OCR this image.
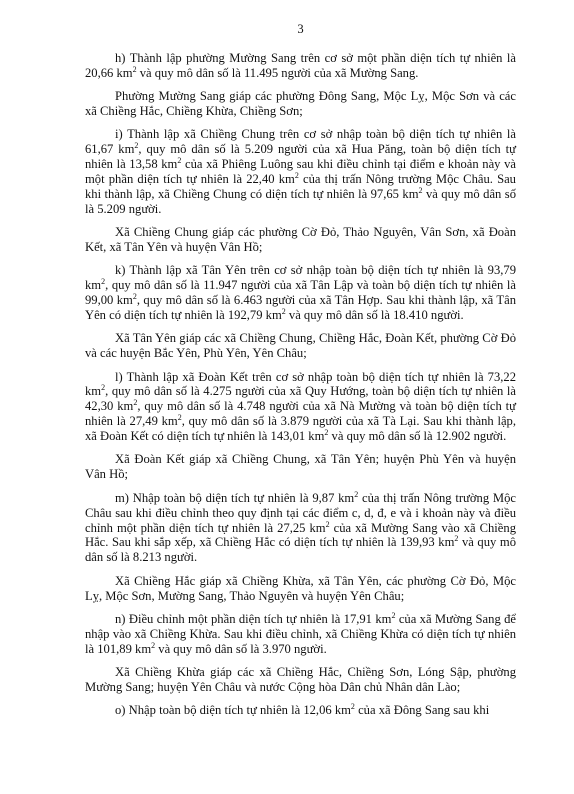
3

h) Thành lập phường Mường Sang trên cơ sở một phần diện tích tự nhiên là 20,66 $km^2$ và quy mô dân số là 11.495 người của xã Mường Sang.

Phường Mường Sang giáp các phường Đông Sang, Mộc Lỵ, Mộc Sơn và các xã Chiềng Hắc, Chiềng Khừa, Chiềng Sơn;

i) Thành lập xã Chiềng Chung trên cơ sở nhập toàn bộ diện tích tự nhiên là 61,67 $km^2$, quy mô dân số là 5.209 người của xã Hua Păng, toàn bộ diện tích tự nhiên là 13,58 $km^2$ của xã Phiêng Luông sau khi điều chỉnh tại điểm e khoản này và một phần diện tích tự nhiên là 22,40 $km^2$ của thị trấn Nông trường Mộc Châu. Sau khi thành lập, xã Chiềng Chung có diện tích tự nhiên là 97,65 $km^2$ và quy mô dân số là 5.209 người.

Xã Chiềng Chung giáp các phường Cờ Đỏ, Thảo Nguyên, Vân Sơn, xã Đoàn Kết, xã Tân Yên và huyện Vân Hồ;

k) Thành lập xã Tân Yên trên cơ sở nhập toàn bộ diện tích tự nhiên là 93,79 $km^2$, quy mô dân số là 11.947 người của xã Tân Lập và toàn bộ diện tích tự nhiên là 99,00 $km^2$, quy mô dân số là 6.463 người của xã Tân Hợp. Sau khi thành lập, xã Tân Yên có diện tích tự nhiên là 192,79 $km^2$ và quy mô dân số là 18.410 người.

Xã Tân Yên giáp các xã Chiềng Chung, Chiềng Hắc, Đoàn Kết, phường Cờ Đỏ và các huyện Bắc Yên, Phù Yên, Yên Châu;

l) Thành lập xã Đoàn Kết trên cơ sở nhập toàn bộ diện tích tự nhiên là 73,22 $km^2$, quy mô dân số là 4.275 người của xã Quy Hướng, toàn bộ diện tích tự nhiên là 42,30 $km^2$, quy mô dân số là 4.748 người của xã Nà Mường và toàn bộ diện tích tự nhiên là 27,49 $km^2$, quy mô dân số là 3.879 người của xã Tà Lại. Sau khi thành lập, xã Đoàn Kết có diện tích tự nhiên là 143,01 $km^2$ và quy mô dân số là 12.902 người.

Xã Đoàn Kết giáp xã Chiềng Chung, xã Tân Yên; huyện Phù Yên và huyện Vân Hồ;

m) Nhập toàn bộ diện tích tự nhiên là 9,87 $km^2$ của thị trấn Nông trường Mộc Châu sau khi điều chỉnh theo quy định tại các điểm c, d, đ, e và i khoản này và điều chỉnh một phần diện tích tự nhiên là 27,25 $km^2$ của xã Mường Sang vào xã Chiềng Hắc. Sau khi sắp xếp, xã Chiềng Hắc có diện tích tự nhiên là 139,93 $km^2$ và quy mô dân số là 8.213 người.

Xã Chiềng Hắc giáp xã Chiềng Khừa, xã Tân Yên, các phường Cờ Đỏ, Mộc Lỵ, Mộc Sơn, Mường Sang, Thảo Nguyên và huyện Yên Châu;

n) Điều chỉnh một phần diện tích tự nhiên là 17,91 $km^2$ của xã Mường Sang để nhập vào xã Chiềng Khừa. Sau khi điều chỉnh, xã Chiềng Khừa có diện tích tự nhiên là 101,89 $km^2$ và quy mô dân số là 3.970 người.

Xã Chiềng Khừa giáp các xã Chiềng Hắc, Chiềng Sơn, Lóng Sập, phường Mường Sang; huyện Yên Châu và nước Cộng hòa Dân chủ Nhân dân Lào;

o) Nhập toàn bộ diện tích tự nhiên là 12,06 $km^2$ của xã Đông Sang sau khi
